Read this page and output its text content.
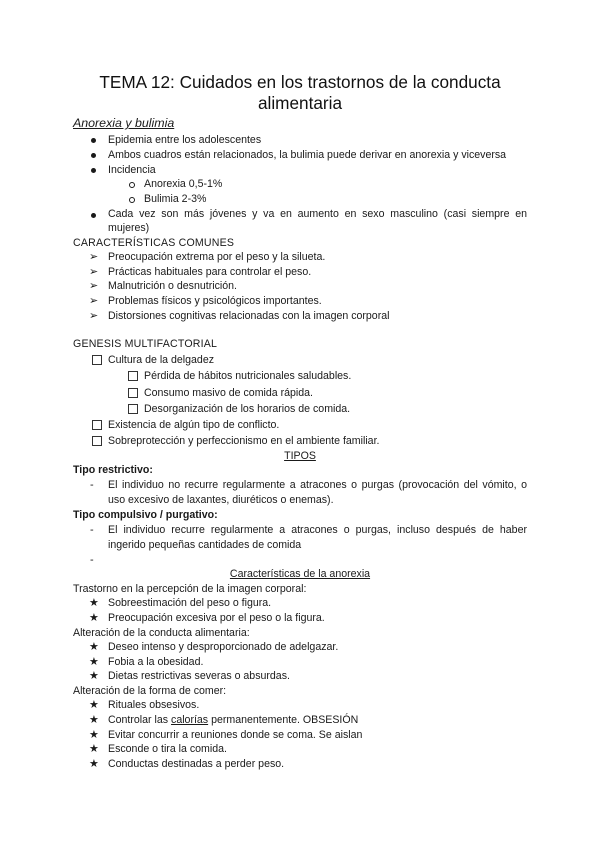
TEMA 12: Cuidados en los trastornos de la conducta alimentaria
Anorexia y bulimia
Epidemia entre los adolescentes
Ambos cuadros están relacionados, la bulimia puede derivar en anorexia y viceversa
Incidencia
Anorexia 0,5-1%
Bulimia 2-3%
Cada vez son más jóvenes y va en aumento en sexo masculino (casi siempre en mujeres)
CARACTERÍSTICAS COMUNES
➢ Preocupación extrema por el peso y la silueta.
➢ Prácticas habituales para controlar el peso.
➢ Malnutrición o desnutrición.
➢ Problemas físicos y psicológicos importantes.
➢ Distorsiones cognitivas relacionadas con la imagen corporal
GENESIS MULTIFACTORIAL
Cultura de la delgadez
Pérdida de hábitos nutricionales saludables.
Consumo masivo de comida rápida.
Desorganización de los horarios de comida.
Existencia de algún tipo de conflicto.
Sobreprotección y perfeccionismo en el ambiente familiar.
TIPOS
Tipo restrictivo:
- El individuo no recurre regularmente a atracones o purgas (provocación del vómito, o uso excesivo de laxantes, diuréticos o enemas).
Tipo compulsivo / purgativo:
- El individuo recurre regularmente a atracones o purgas, incluso después de haber ingerido pequeñas cantidades de comida
-
Características de la anorexia
Trastorno en la percepción de la imagen corporal:
★ Sobreestimación del peso o figura.
★ Preocupación excesiva por el peso o la figura.
Alteración de la conducta alimentaria:
★ Deseo intenso y desproporcionado de adelgazar.
★ Fobia a la obesidad.
★ Dietas restrictivas severas o absurdas.
Alteración de la forma de comer:
★ Rituales obsesivos.
★ Controlar las calorías permanentemente. OBSESIÓN
★ Evitar concurrir a reuniones donde se coma. Se aislan
★ Esconde o tira la comida.
★ Conductas destinadas a perder peso.
